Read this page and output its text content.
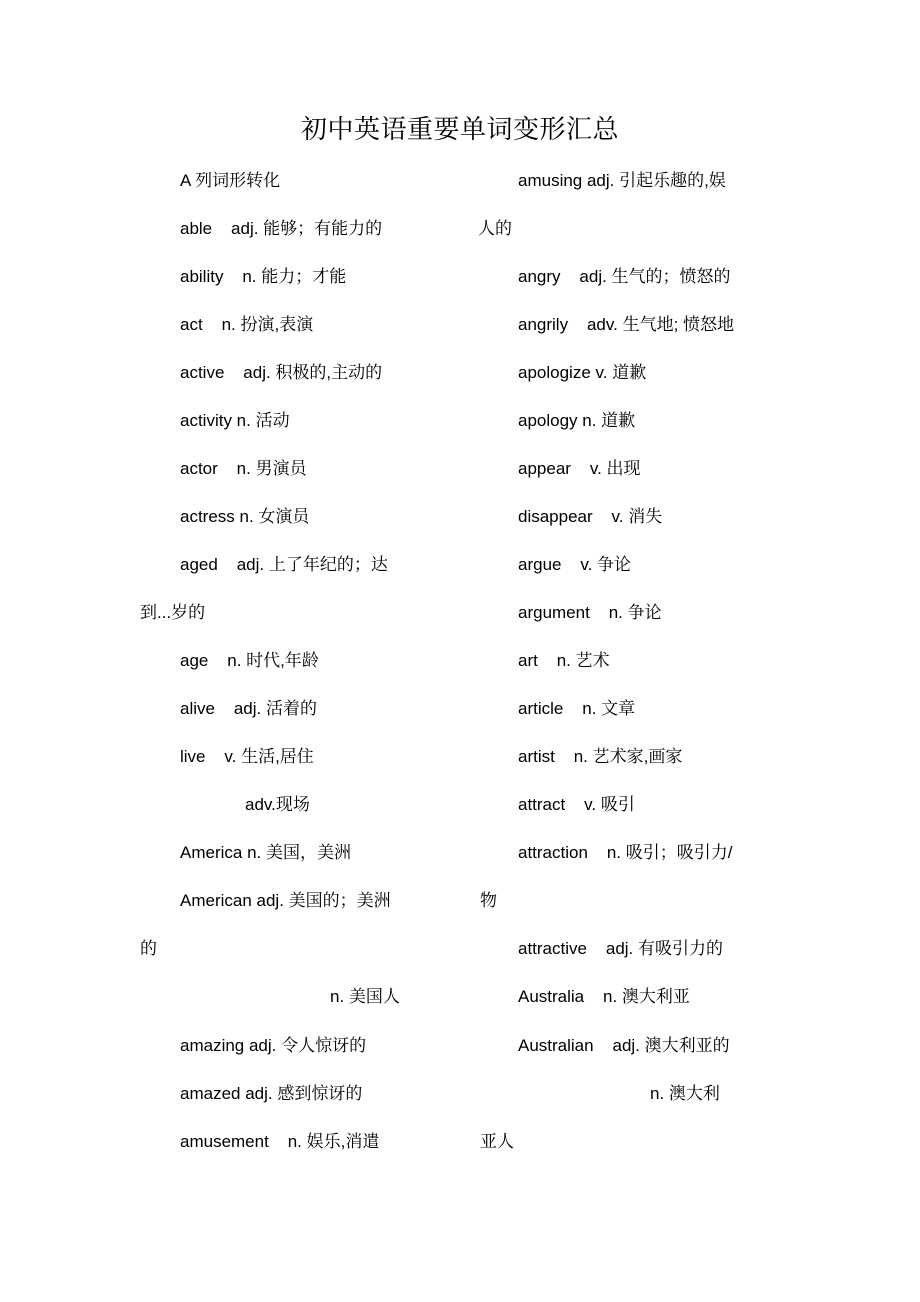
初中英语重要单词变形汇总
A 列词形转化
able    adj. 能够；有能力的
ability    n. 能力；才能
act    n. 扮演,表演
active    adj. 积极的,主动的
activity n. 活动
actor    n. 男演员
actress n. 女演员
aged    adj. 上了年纪的；达
到...岁的
age    n. 时代,年龄
alive    adj. 活着的
live    v. 生活,居住
adv.现场
America n. 美国，美洲
American adj. 美国的；美洲
的
n. 美国人
amazing adj. 令人惊讶的
amazed adj. 感到惊讶的
amusement    n. 娱乐,消遣
amusing adj. 引起乐趣的,娱
人的
angry    adj. 生气的；愤怒的
angrily    adv. 生气地; 愤怒地
apologize v. 道歉
apology n. 道歉
appear    v. 出现
disappear    v. 消失
argue    v. 争论
argument    n. 争论
art    n. 艺术
article    n. 文章
artist    n. 艺术家,画家
attract    v. 吸引
attraction    n. 吸引；吸引力/
物
attractive    adj. 有吸引力的
Australia    n. 澳大利亚
Australian    adj. 澳大利亚的
n. 澳大利
亚人
